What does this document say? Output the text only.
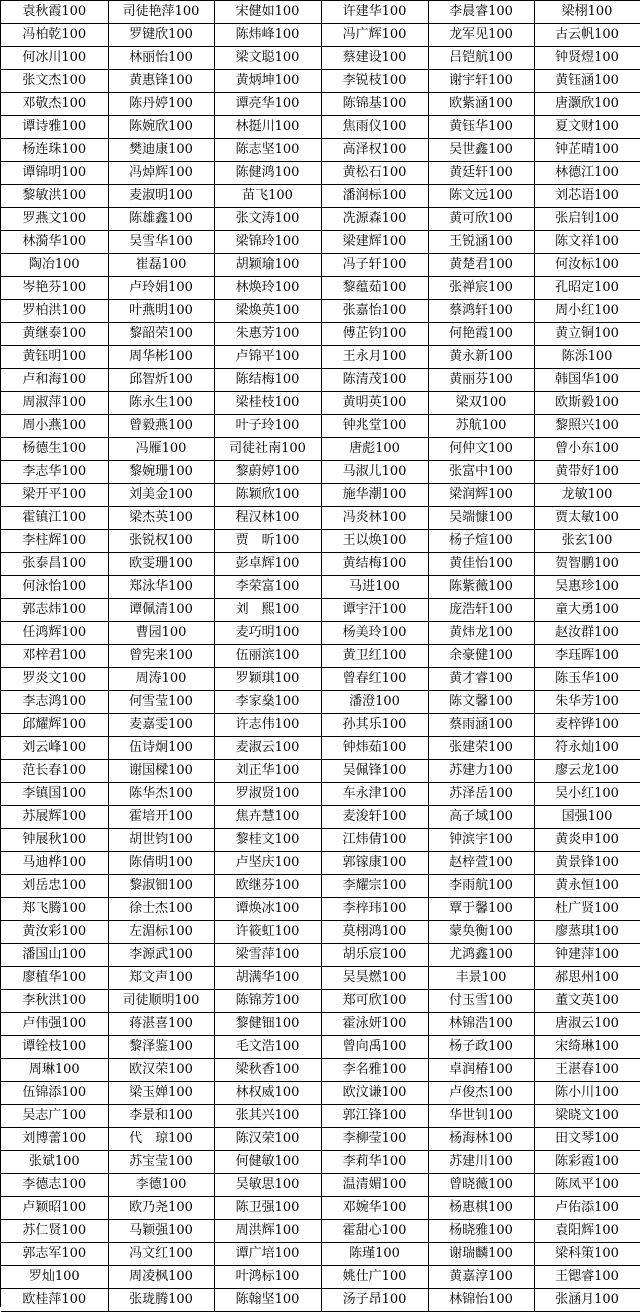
袁秋霞100	司徒艳萍100	宋健如100	许建华100	李晨睿100	梁栩100
冯柏乾100	罗键欣100	陈炜峰100	冯广辉100	龙军见100	古云帆100
何冰川100	林丽怡100	梁文聪100	蔡建设100	吕铠航100	钟贤煜100
张文杰100	黄惠锋100	黄炳坤100	李锐枝100	谢宇轩100	黄钰涵100
邓敬杰100	陈丹婷100	谭亮华100	陈锦基100	欧紫涵100	唐灏欣100
谭诗雅100	陈婉欣100	林挺川100	焦雨仪100	黄钰华100	夏文财100
杨连珠100	樊迪康100	陈志坚100	高泽权100	吴世鑫100	钟芷晴100
谭锦明100	冯焯辉100	陈健鸿100	黄松石100	黄廷轩100	林德江100
黎敏洪100	麦淑明100	苗飞100	潘润标100	陈文远100	刘芯语100
罗燕文100	陈雄鑫100	张文涛100	冼源森100	黄可欣100	张启钊100
林漪华100	吴雪华100	梁锦玲100	梁建辉100	王锐涵100	陈文祥100
陶冶100	崔磊100	胡颖瑜100	冯子轩100	黄楚君100	何汝标100
岑艳芬100	卢玲娟100	林焕玲100	黎蕴茹100	张禅宸100	孔昭定100
罗柏洪100	叶燕明100	梁焕英100	张嘉怡100	蔡鸿轩100	周小红100
黄继泰100	黎韶荣100	朱惠芳100	傅芷钧100	何艳霞100	黄立铜100
黄钰明100	周华彬100	卢锦平100	王永月100	黄永新100	陈泺100
卢和海100	邱智炘100	陈结梅100	陈清茂100	黄丽芬100	韩国华100
周淑萍100	陈永生100	梁桂枝100	黄明英100	梁双100	欧斯毅100
周小燕100	曾毅燕100	叶子玲100	钟兆堂100	苏航100	黎照兴100
杨德生100	冯雁100	司徒社南100	唐彪100	何仲文100	曾小东100
李志华100	黎婉珊100	黎蔚婷100	马淑儿100	张富中100	黄带好100
梁开平100	刘美金100	陈颖欣100	施华潮100	梁润辉100	龙敏100
霍镇江100	梁杰英100	程汉林100	冯炎林100	吴端慷100	贾太敏100
李柱辉100	张锐权100	贾　昕100	王以焕100	杨子煊100	张玄100
张泰昌100	欧雯珊100	彭卓辉100	黄结梅100	黄佳怡100	贺智鹏100
何泳怡100	郑泳华100	李荣富100	马进100	陈紫薇100	吴惠珍100
郭志炜100	谭佩清100	刘　熙100	谭宇汗100	庞浩轩100	童大勇100
任鸿辉100	曹园100	麦巧明100	杨美玲100	黄炜龙100	赵汝群100
邓梓君100	曾宪来100	伍丽滨100	黄卫红100	余豪健100	李珏晖100
罗炎文100	周涛100	罗颖琪100	曾春红100	黄才睿100	陈玉华100
李志鸿100	何雪莹100	李家燊100	潘澄100	陈文馨100	朱华芳100
邱耀辉100	麦嘉雯100	许志伟100	孙其乐100	蔡雨涵100	麦梓铧100
刘云峰100	伍诗炯100	麦淑云100	钟炜茹100	张建荣100	符永灿100
范长春100	谢国樑100	刘正华100	吴佩锋100	苏建力100	廖云龙100
李镇国100	陈华杰100	罗淑贤100	车永津100	苏泽岳100	吴小红100
苏展辉100	霍培开100	焦卉慧100	麦浚轩100	高子域100	国强100
钟展秋100	胡世钧100	黎桂文100	江炜倩100	钟滨宇100	黄炎申100
马迪桦100	陈倩明100	卢坚庆100	郭镓康100	赵梓萱100	黄景锋100
刘岳忠100	黎淑钿100	欧继芬100	李耀宗100	李雨航100	黄永恒100
郑飞腾100	徐士杰100	谭焕冰100	李梓玮100	覃于馨100	杜广贤100
黄汝彩100	左湄标100	许筱虹100	莫栩鸿100	蒙奂衡100	廖蒸琪100
潘国山100	李源武100	梁雪萍100	胡乐宸100	尤鸿鑫100	钟建萍100
廖植华100	郑文声100	胡满华100	吴昊燃100	丰景100	郝思州100
李秋洪100	司徒顺明100	陈锦芳100	郑可欣100	付玉雪100	董文英100
卢伟强100	蒋湛喜100	黎健钿100	霍泳妍100	林锦浩100	唐淑云100
谭铨枝100	黎泽鉴100	毛文浩100	曾向禹100	杨子政100	宋绮琳100
周琳100	欧汉荣100	梁秋香100	李名雅100	卓润椿100	王湛春100
伍锦添100	梁玉婵100	林权威100	欧汶谦100	卢俊杰100	陈小川100
吴志广100	李景和100	张其兴100	郭江锋100	华世钊100	梁晓文100
刘博蕾100	代　琼100	陈汉荣100	李柳莹100	杨海林100	田文琴100
张斌100	苏宝莹100	何健敏100	李莉华100	苏建川100	陈彩霞100
李德志100	李德100	吴敏思100	温清媚100	曾晓薇100	陈凤平100
卢颖昭100	欧乃尧100	陈卫强100	邓婉华100	杨惠棋100	卢佑添100
苏仁贤100	马颖强100	周洪辉100	霍甜心100	杨晓雅100	袁阳辉100
郭志军100	冯文红100	谭广培100	陈瑾100	谢瑞麟100	梁科策100
罗灿100	周凌枫100	叶鸿标100	姚仕广100	黄嘉淳100	王锶睿100
欧桂萍100	张珑腾100	陈翰坚100	汤子昂100	林锦怡100	张涵月100
